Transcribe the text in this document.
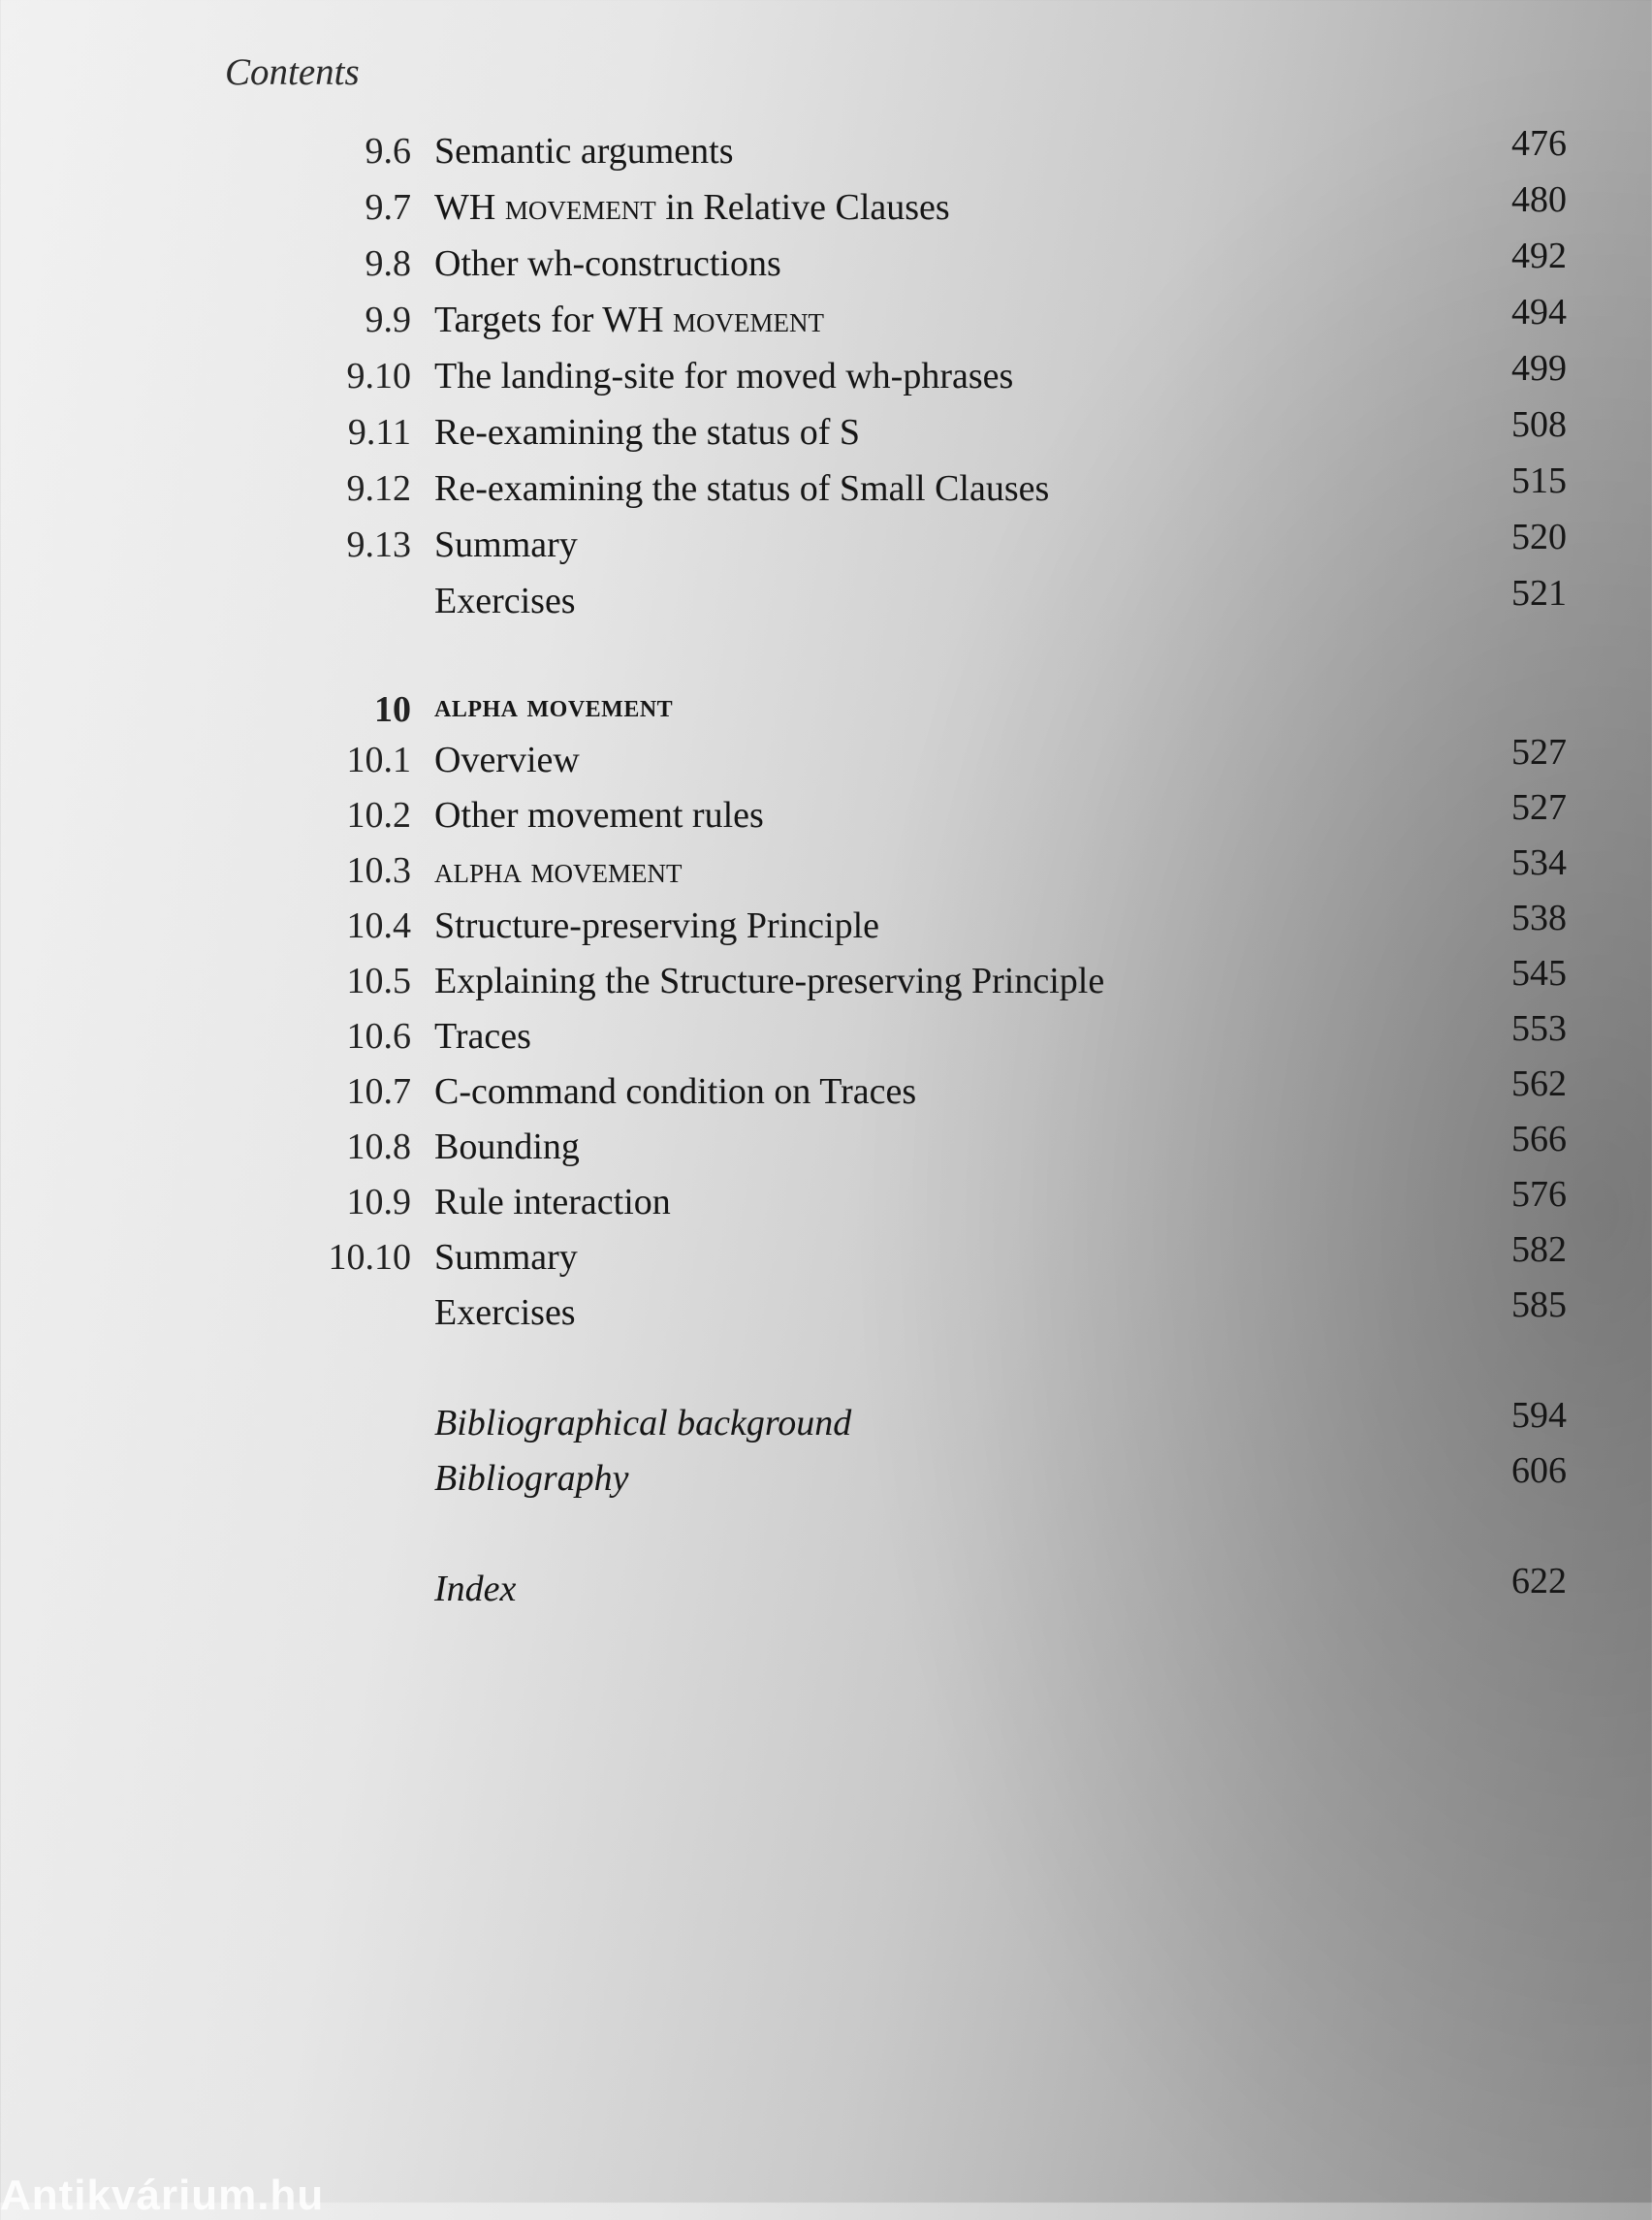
Contents
9.6 Semantic arguments	476
9.7 WH movement in Relative Clauses	480
9.8 Other wh-constructions	492
9.9 Targets for WH movement	494
9.10 The landing-site for moved wh-phrases	499
9.11 Re-examining the status of S	508
9.12 Re-examining the status of Small Clauses	515
9.13 Summary	520
Exercises	521
10 alpha movement
10.1 Overview	527
10.2 Other movement rules	527
10.3 alpha movement	534
10.4 Structure-preserving Principle	538
10.5 Explaining the Structure-preserving Principle	545
10.6 Traces	553
10.7 C-command condition on Traces	562
10.8 Bounding	566
10.9 Rule interaction	576
10.10 Summary	582
Exercises	585
Bibliographical background	594
Bibliography	606
Index	622
Antikvárium.hu
